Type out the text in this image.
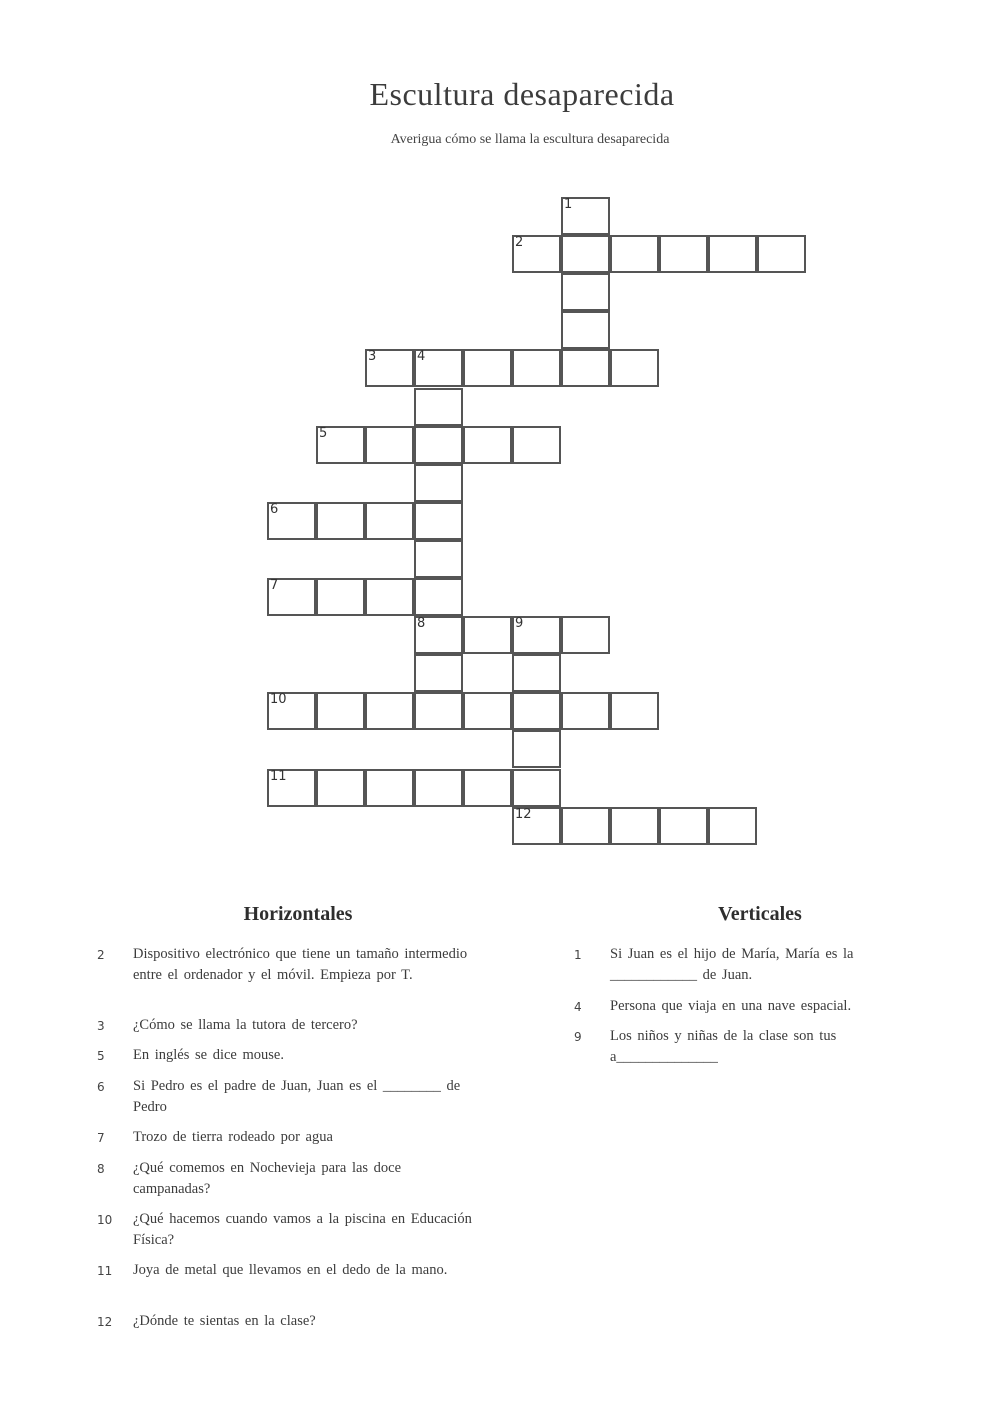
Escultura desaparecida
Averigua cómo se llama la escultura desaparecida
1
2
3	4
5
6
7
8	9
10
11
12
Horizontales	Verticales
2 Dispositivo electrónico que tiene un tamaño intermedio entre el ordenador y el móvil. Empieza por T.
3 ¿Cómo se llama la tutora de tercero?
5 En inglés se dice mouse.
6 Si Pedro es el padre de Juan, Juan es el ________ de Pedro
7 Trozo de tierra rodeado por agua
8 ¿Qué comemos en Nochevieja para las doce campanadas?
10 ¿Qué hacemos cuando vamos a la piscina en Educación Física?
11 Joya de metal que llevamos en el dedo de la mano.
12 ¿Dónde te sientas en la clase?
1 Si Juan es el hijo de María, María es la ____________ de Juan.
4 Persona que viaja en una nave espacial.
9 Los niños y niñas de la clase son tus a______________
